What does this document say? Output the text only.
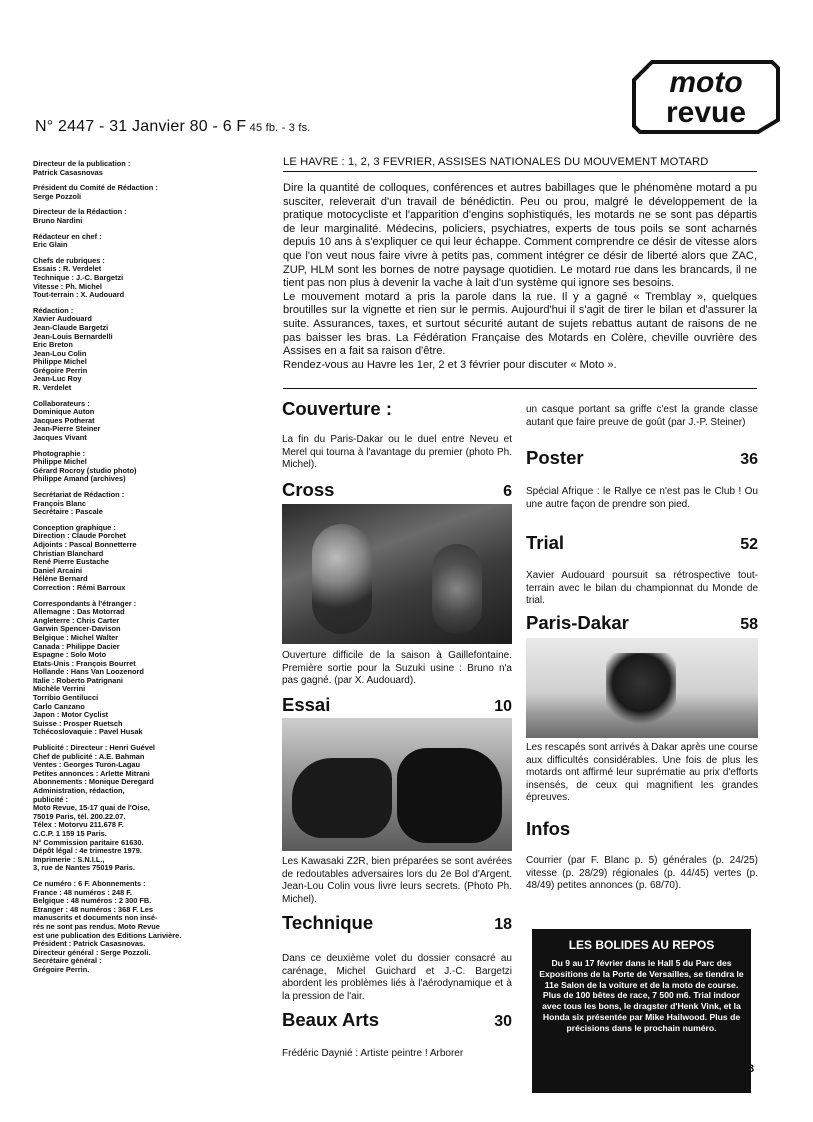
N° 2447 - 31 Janvier 80 - 6 F 45 fb. - 3 fs.
moto
revue
Directeur de la publication :
Patrick Casasnovas
Président du Comité de Rédaction :
Serge Pozzoli
Directeur de la Rédaction :
Bruno Nardini
Rédacteur en chef :
Eric Glain
Chefs de rubriques :
Essais : R. Verdelet
Technique : J.-C. Bargetzi
Vitesse : Ph. Michel
Tout-terrain : X. Audouard
Rédaction :
Xavier Audouard
Jean-Claude Bargetzi
Jean-Louis Bernardelli
Eric Breton
Jean-Lou Colin
Philippe Michel
Grégoire Perrin
Jean-Luc Roy
R. Verdelet
Collaborateurs :
Dominique Auton
Jacques Potherat
Jean-Pierre Steiner
Jacques Vivant
Photographie :
Philippe Michel
Gérard Rocroy (studio photo)
Philippe Amand (archives)
Secrétariat de Rédaction :
François Blanc
Secrétaire : Pascale
Conception graphique :
Direction : Claude Porchet
Adjoints : Pascal Bonnetterre
Christian Blanchard
René Pierre Eustache
Daniel Arcaini
Hélène Bernard
Correction : Rémi Barroux
Correspondants à l'étranger :
Allemagne : Das Motorrad
Angleterre : Chris Carter
Garwin Spencer-Davison
Belgique : Michel Walter
Canada : Philippe Dacier
Espagne : Solo Moto
Etats-Unis : François Bourret
Hollande : Hans Van Loozenord
Italie : Roberto Patrignani
Michèle Verrini
Torribio Gentilucci
Carlo Canzano
Japon : Motor Cyclist
Suisse : Prosper Ruetsch
Tchécoslovaquie : Pavel Husak
Publicité : Directeur : Henri Guével
Chef de publicité : A.E. Bahman
Ventes : Georges Turon-Lagau
Petites annonces : Arlette Mitrani
Abonnements : Monique Deregard
Administration, rédaction,
publicité :
Moto Revue, 15-17 quai de l'Oise,
75019 Paris, tél. 200.22.07.
Télex : Motorvu 211.678 F.
C.C.P. 1 159 15 Paris.
N° Commission paritaire 61630.
Dépôt légal : 4e trimestre 1979.
Imprimerie : S.N.I.L.,
3, rue de Nantes 75019 Paris.
Ce numéro : 6 F. Abonnements :
France : 48 numéros : 248 F.
Belgique : 48 numéros : 2 300 FB.
Etranger : 48 numéros : 368 F. Les
manuscrits et documents non insé-
rés ne sont pas rendus. Moto Revue
est une publication des Editions Larivière.
Président : Patrick Casasnovas.
Directeur général : Serge Pozzoli.
Secrétaire général :
Grégoire Perrin.
LE HAVRE : 1, 2, 3 FEVRIER, ASSISES NATIONALES DU MOUVEMENT MOTARD

Dire la quantité de colloques, conférences et autres babillages que le phénomène motard a pu susciter, releverait d'un travail de bénédictin. Peu ou prou, malgré le développement de la pratique motocycliste et l'apparition d'engins sophistiqués, les motards ne se sont pas départis de leur marginalité. Médecins, policiers, psychiatres, experts de tous poils se sont acharnés depuis 10 ans à s'expliquer ce qui leur échappe. Comment comprendre ce désir de vitesse alors que l'on veut nous faire vivre à petits pas, comment intégrer ce désir de liberté alors que ZAC, ZUP, HLM sont les bornes de notre paysage quotidien. Le motard rue dans les brancards, il ne tient pas non plus à devenir la vache à lait d'un système qui ignore ses besoins.

Le mouvement motard a pris la parole dans la rue. Il y a gagné « Tremblay », quelques broutilles sur la vignette et rien sur le permis. Aujourd'hui il s'agit de tirer le bilan et d'assurer la suite. Assurances, taxes, et surtout sécurité autant de sujets rebattus autant de raisons de ne pas baisser les bras. La Fédération Française des Motards en Colère, cheville ouvrière des Assises en a fait sa raison d'être.

Rendez-vous au Havre les 1er, 2 et 3 février pour discuter « Moto ».

Couverture :
La fin du Paris-Dakar ou le duel entre Neveu et Merel qui tourna à l'avantage du premier (photo Ph. Michel).
Cross	6
Ouverture difficile de la saison à Gaillefontaine. Première sortie pour la Suzuki usine : Bruno n'a pas gagné. (par X. Audouard).
Essai	10
Les Kawasaki Z2R, bien préparées se sont avérées de redoutables adversaires lors du 2e Bol d'Argent. Jean-Lou Colin vous livre leurs secrets. (Photo Ph. Michel).
Technique	18
Dans ce deuxième volet du dossier consacré au carénage, Michel Guichard et J.-C. Bargetzi abordent les problèmes liés à l'aérodynamique et à la pression de l'air.
Beaux Arts	30
Frédéric Daynié : Artiste peintre ! Arborer
un casque portant sa griffe c'est la grande classe autant que faire preuve de goût (par J.-P. Steiner)
Poster	36
Spécial Afrique : le Rallye ce n'est pas le Club ! Ou une autre façon de prendre son pied.
Trial	52
Xavier Audouard poursuit sa rétrospective tout-terrain avec le bilan du championnat du Monde de trial.
Paris-Dakar	58
Les rescapés sont arrivés à Dakar après une course aux difficultés considérables. Une fois de plus les motards ont affirmé leur suprématie au prix d'efforts insensés, de ceux qui magnifient les grandes épreuves.
Infos
Courrier (par F. Blanc p. 5) générales (p. 24/25) vitesse (p. 28/29) régionales (p. 44/45) vertes (p. 48/49) petites annonces (p. 68/70).
LES BOLIDES AU REPOS
Du 9 au 17 février dans le Hall 5 du Parc des Expositions de la Porte de Versailles, se tiendra le 11e Salon de la voiture et de la moto de course. Plus de 100 bêtes de race, 7 500 m6. Trial indoor avec tous les bons, le dragster d'Henk Vink, et la Honda six présentée par Mike Hailwood. Plus de précisions dans le prochain numéro.
3
